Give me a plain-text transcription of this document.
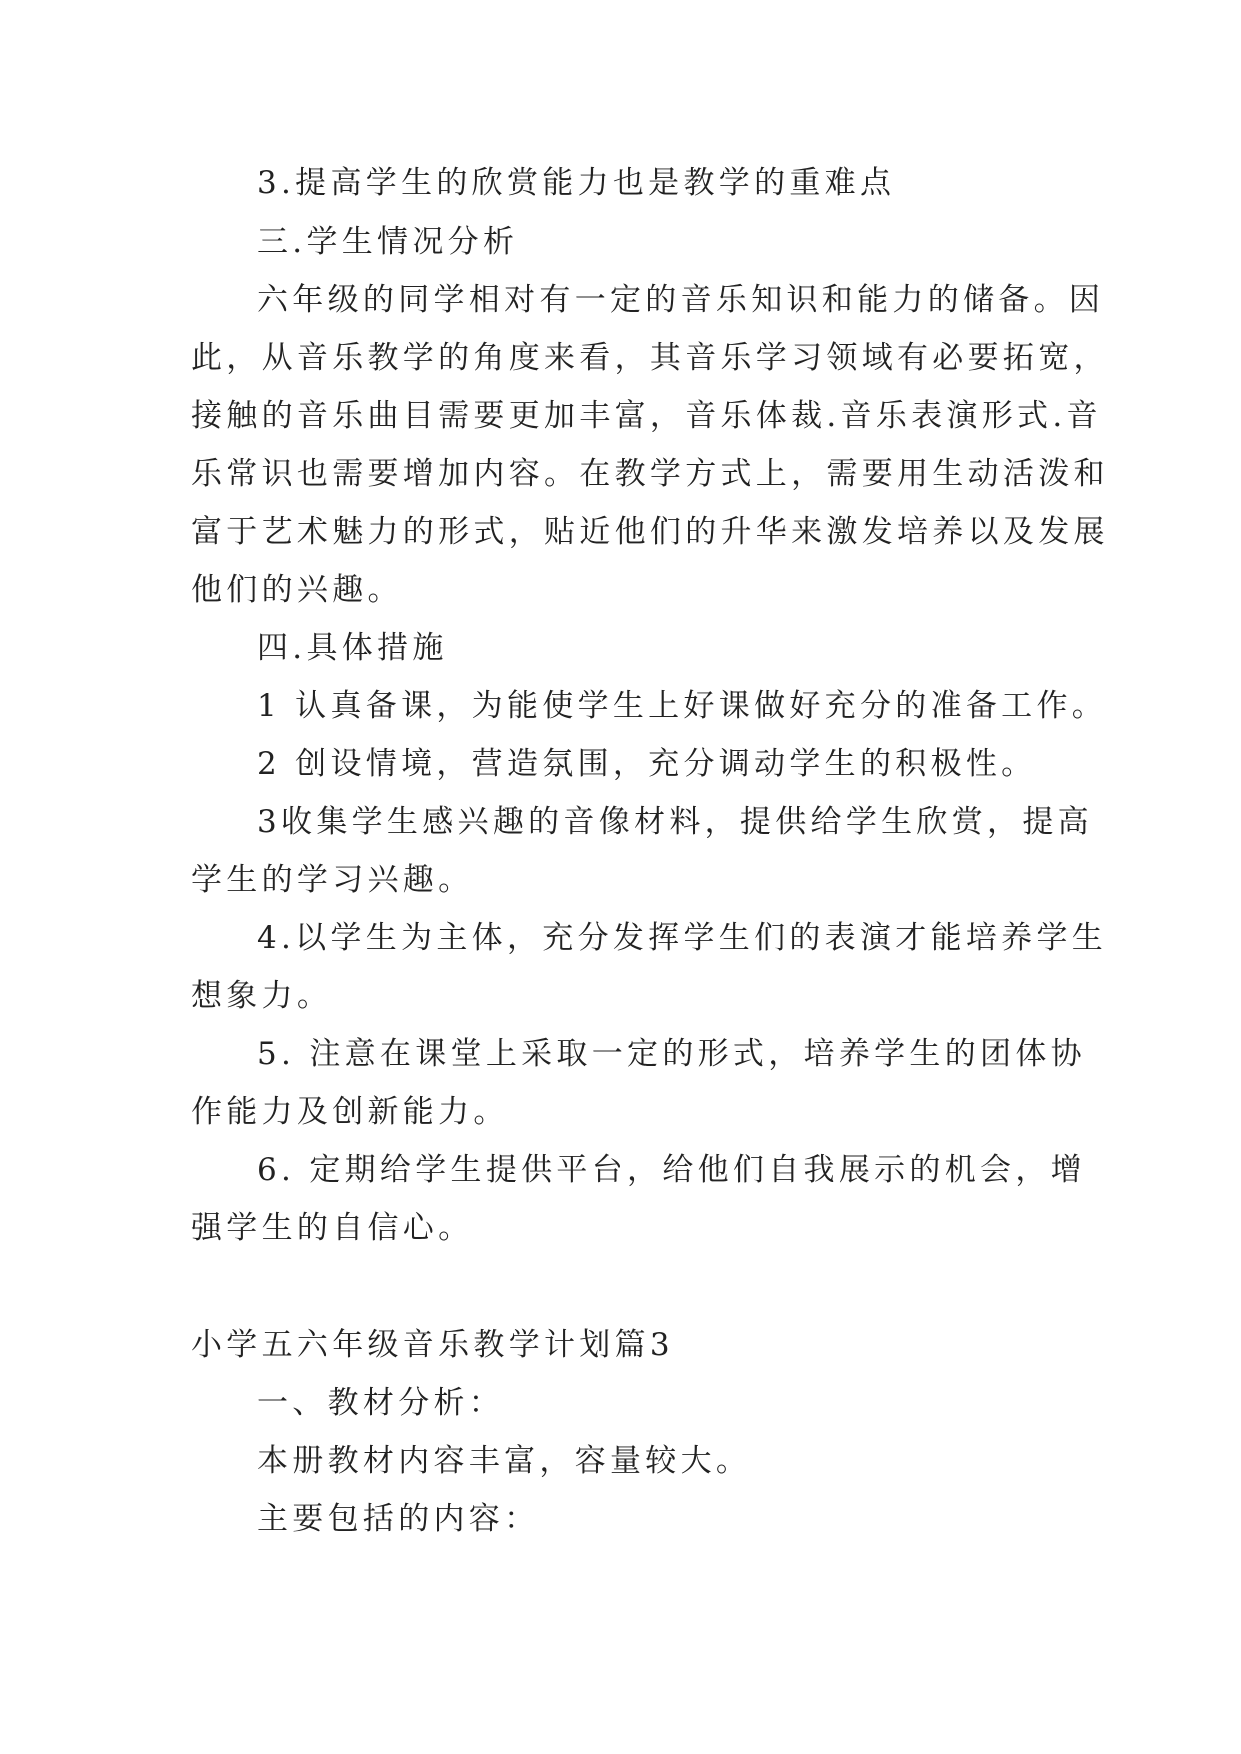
3.提高学生的欣赏能力也是教学的重难点

三.学生情况分析

六年级的同学相对有一定的音乐知识和能力的储备。因

此，从音乐教学的角度来看，其音乐学习领域有必要拓宽，

接触的音乐曲目需要更加丰富，音乐体裁.音乐表演形式.音

乐常识也需要增加内容。在教学方式上，需要用生动活泼和

富于艺术魅力的形式，贴近他们的升华来激发培养以及发展

他们的兴趣。

四.具体措施

1 认真备课，为能使学生上好课做好充分的准备工作。

2 创设情境，营造氛围，充分调动学生的积极性。

3收集学生感兴趣的音像材料，提供给学生欣赏，提高

学生的学习兴趣。

4.以学生为主体，充分发挥学生们的表演才能培养学生

想象力。

5. 注意在课堂上采取一定的形式，培养学生的团体协

作能力及创新能力。

6. 定期给学生提供平台，给他们自我展示的机会，增

强学生的自信心。

小学五六年级音乐教学计划篇3

一、教材分析：

本册教材内容丰富，容量较大。

主要包括的内容：
